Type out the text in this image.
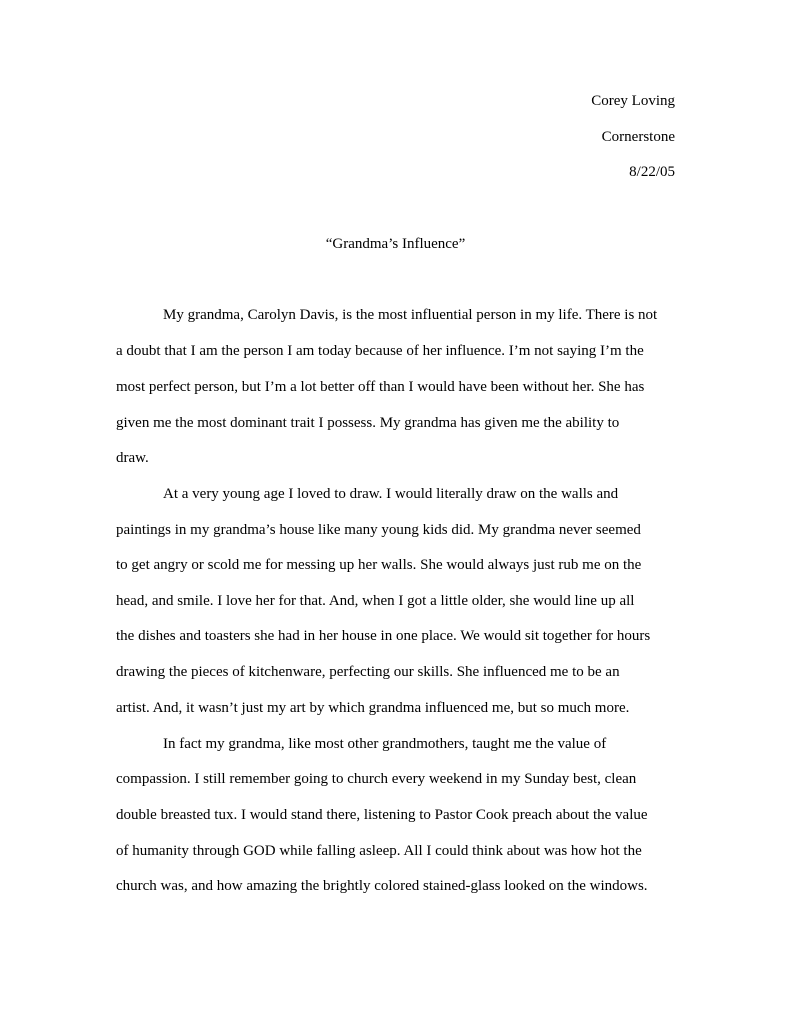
Corey Loving

Cornerstone

8/22/05

“Grandma’s Influence”

My grandma, Carolyn Davis, is the most influential person in my life. There is not

a doubt that I am the person I am today because of her influence. I’m not saying I’m the

most perfect person, but I’m a lot better off than I would have been without her. She has

given me the most dominant trait I possess. My grandma has given me the ability to

draw.

At a very young age I loved to draw. I would literally draw on the walls and

paintings in my grandma’s house like many young kids did. My grandma never seemed

to get angry or scold me for messing up her walls. She would always just rub me on the

head, and smile. I love her for that. And, when I got a little older, she would line up all

the dishes and toasters she had in her house in one place. We would sit together for hours

drawing the pieces of kitchenware, perfecting our skills. She influenced me to be an

artist. And, it wasn’t just my art by which grandma influenced me, but so much more.

In fact my grandma, like most other grandmothers, taught me the value of

compassion. I still remember going to church every weekend in my Sunday best, clean

double breasted tux. I would stand there, listening to Pastor Cook preach about the value

of humanity through GOD while falling asleep. All I could think about was how hot the

church was, and how amazing the brightly colored stained-glass looked on the windows.
